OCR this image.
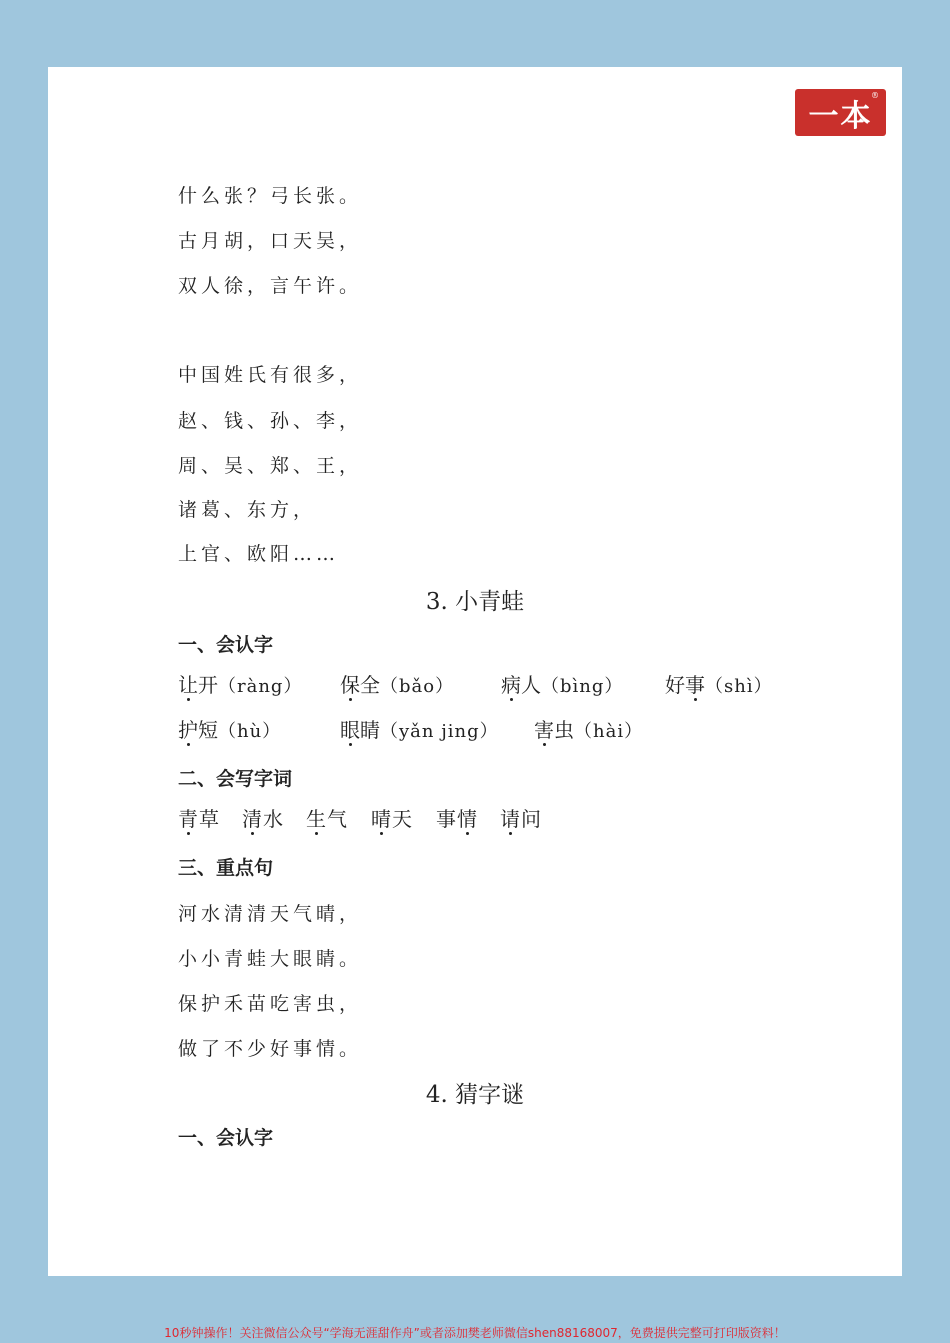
一本
®
什么张？弓长张。
古月胡，口天吴，
双人徐，言午许。
中国姓氏有很多，
赵、钱、孙、李，
周、吴、郑、王，
诸葛、东方，
上官、欧阳……
3. 小青蛙
一、会认字
让开（ràng） 保全（bǎo） 病人（bìng） 好事（shì）
护短（hù）	眼睛（yǎn jing） 害虫（hài）
二、会写字词
青草 清水 生气 晴天 事情 请问
三、重点句
河水清清天气晴，
小小青蛙大眼睛。
保护禾苗吃害虫，
做了不少好事情。
4. 猜字谜
一、会认字
10秒钟操作！关注微信公众号“学海无涯甜作舟”或者添加樊老师微信shen88168007，免费提供完整可打印版资料！
